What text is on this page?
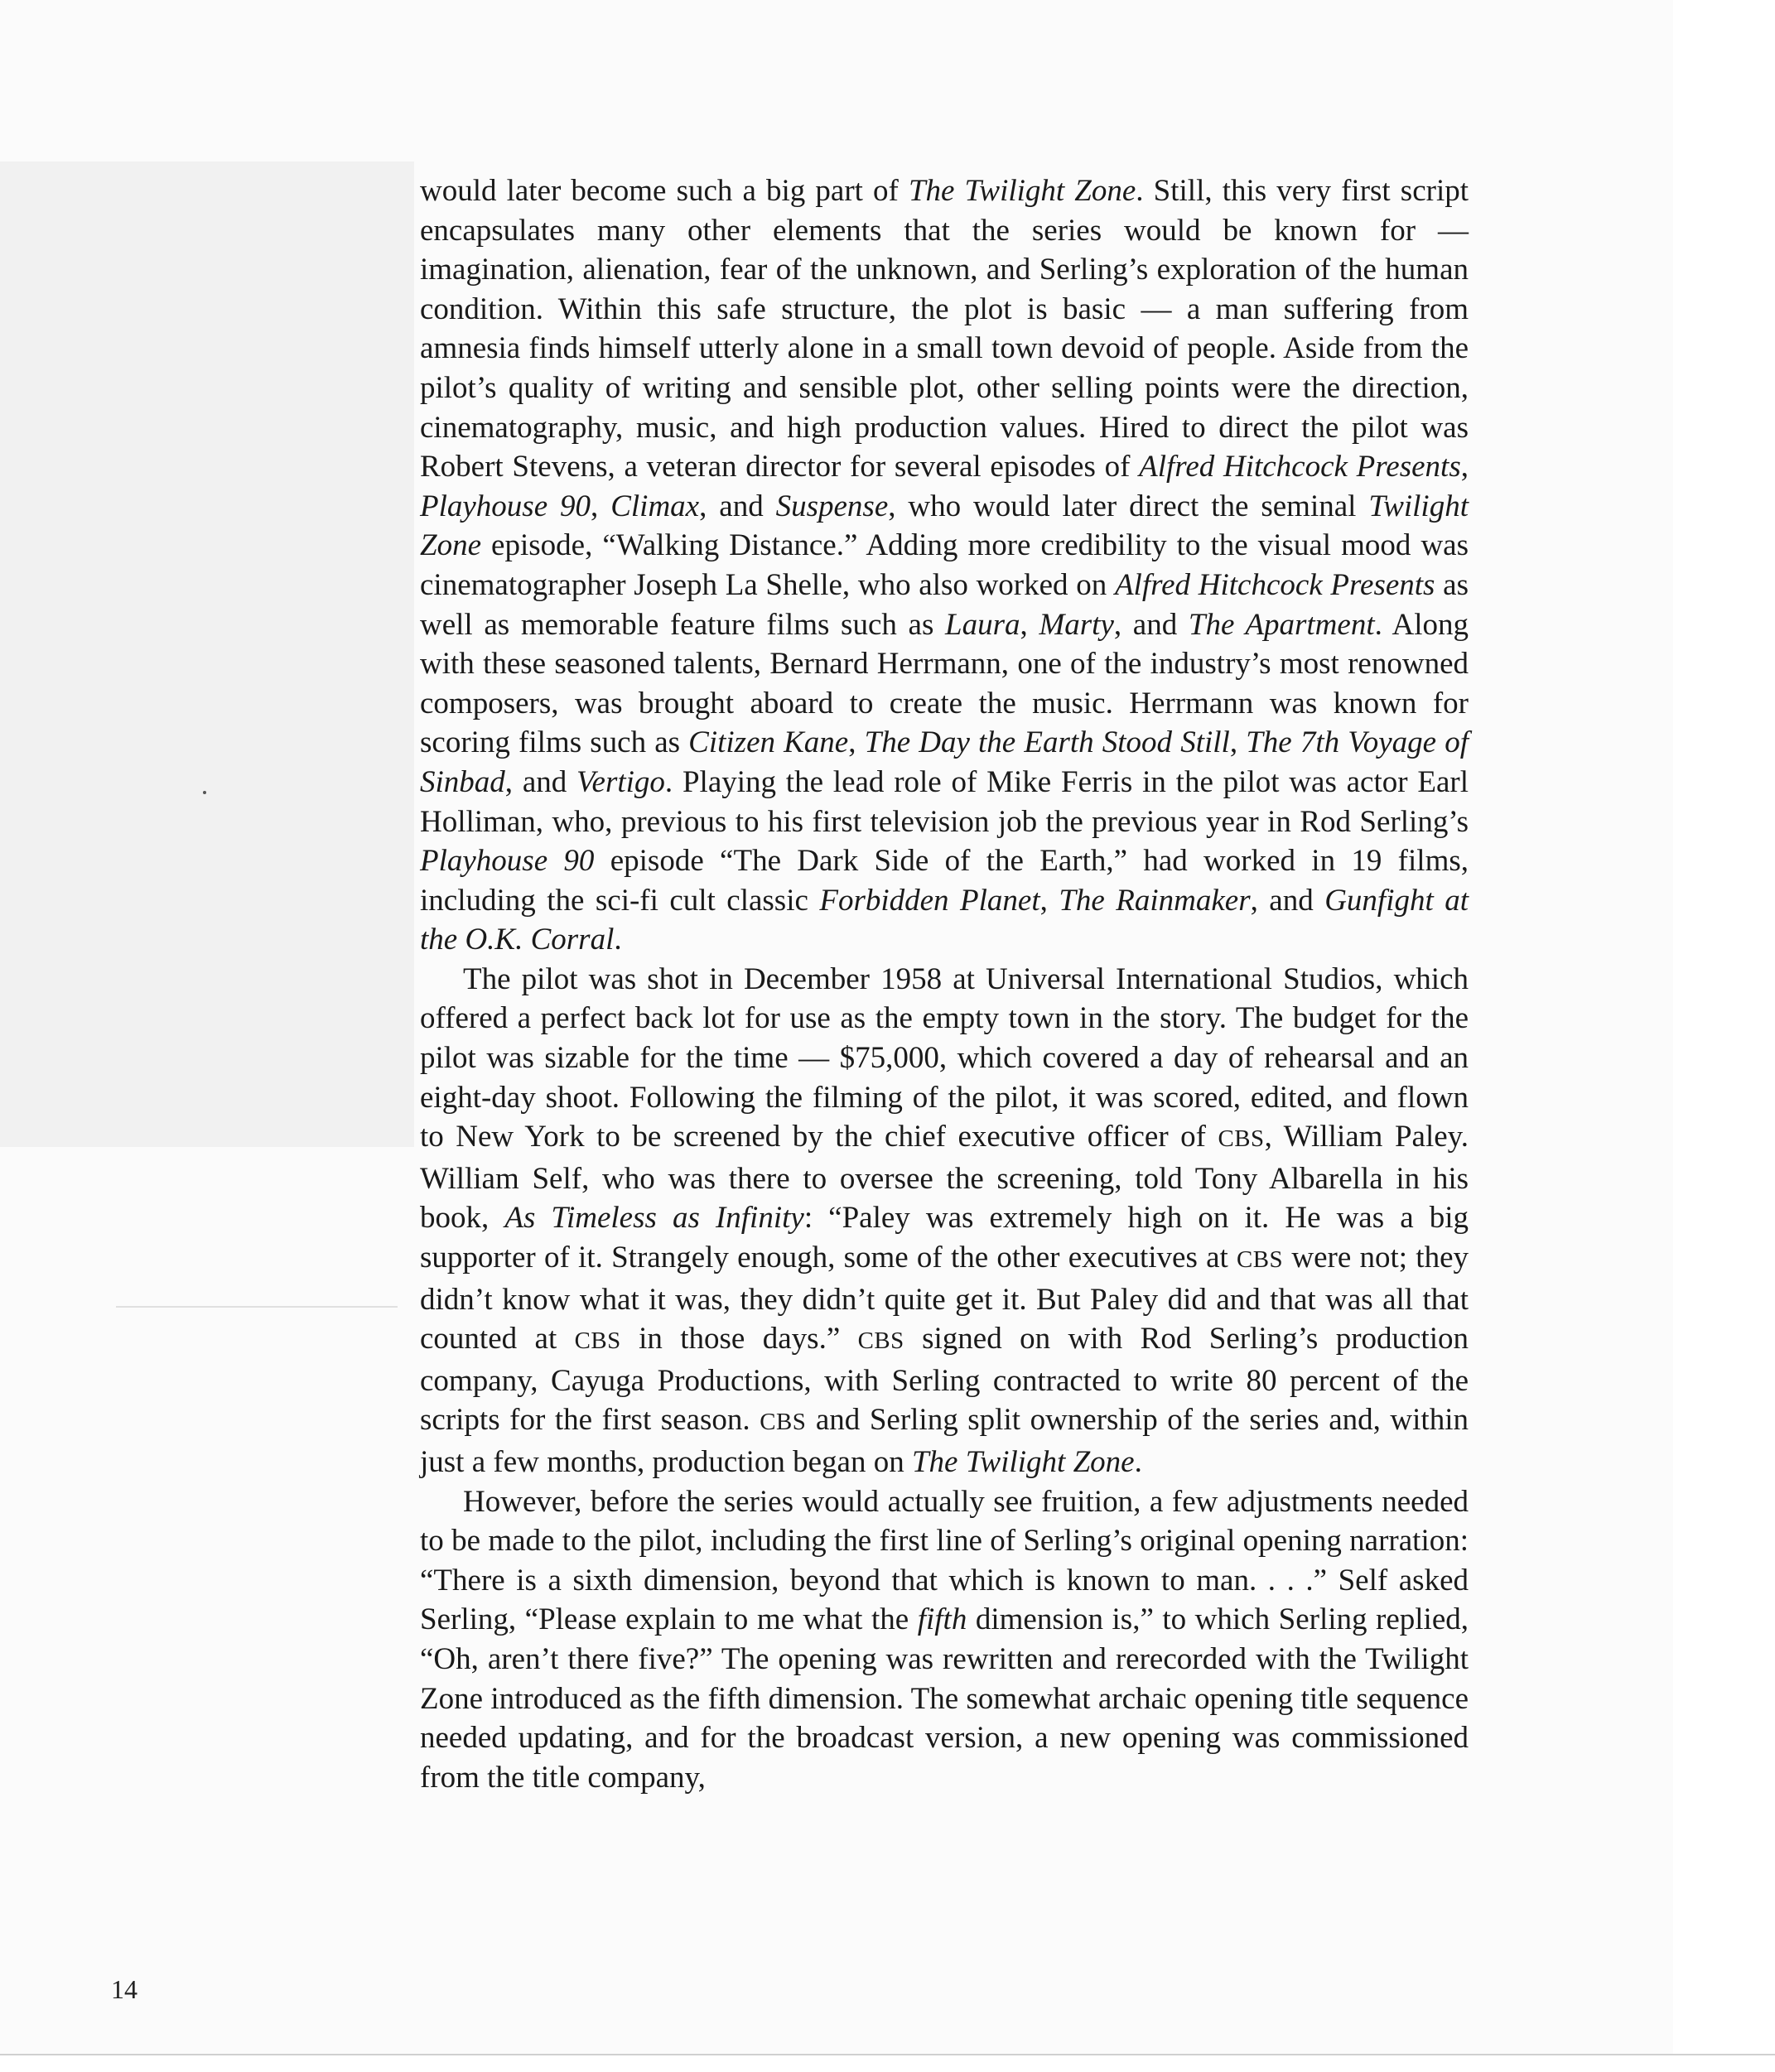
would later become such a big part of The Twilight Zone. Still, this very first script encapsulates many other elements that the series would be known for — imagination, alienation, fear of the unknown, and Serling’s exploration of the human condition. Within this safe structure, the plot is basic — a man suffering from amnesia finds himself utterly alone in a small town devoid of people. Aside from the pilot’s quality of writing and sensible plot, other selling points were the direction, cinematography, music, and high production values. Hired to direct the pilot was Robert Stevens, a veteran director for several episodes of Alfred Hitchcock Presents, Playhouse 90, Climax, and Suspense, who would later direct the seminal Twilight Zone episode, “Walking Distance.” Adding more credibility to the visual mood was cinematographer Joseph La Shelle, who also worked on Alfred Hitchcock Presents as well as memorable feature films such as Laura, Marty, and The Apartment. Along with these seasoned talents, Bernard Herrmann, one of the industry’s most renowned composers, was brought aboard to create the music. Herrmann was known for scoring films such as Citizen Kane, The Day the Earth Stood Still, The 7th Voyage of Sinbad, and Vertigo. Playing the lead role of Mike Ferris in the pilot was actor Earl Holliman, who, previous to his first television job the previous year in Rod Serling’s Playhouse 90 episode “The Dark Side of the Earth,” had worked in 19 films, including the sci-fi cult classic Forbidden Planet, The Rainmaker, and Gunfight at the O.K. Corral.

The pilot was shot in December 1958 at Universal International Studios, which offered a perfect back lot for use as the empty town in the story. The budget for the pilot was sizable for the time — $75,000, which covered a day of rehearsal and an eight-day shoot. Following the filming of the pilot, it was scored, edited, and flown to New York to be screened by the chief executive officer of CBS, William Paley. William Self, who was there to oversee the screening, told Tony Albarella in his book, As Timeless as Infinity: “Paley was extremely high on it. He was a big supporter of it. Strangely enough, some of the other executives at CBS were not; they didn’t know what it was, they didn’t quite get it. But Paley did and that was all that counted at CBS in those days.” CBS signed on with Rod Serling’s production company, Cayuga Productions, with Serling contracted to write 80 percent of the scripts for the first season. CBS and Serling split ownership of the series and, within just a few months, production began on The Twilight Zone.

However, before the series would actually see fruition, a few adjustments needed to be made to the pilot, including the first line of Serling’s original opening narration: “There is a sixth dimension, beyond that which is known to man. . . .” Self asked Serling, “Please explain to me what the fifth dimension is,” to which Serling replied, “Oh, aren’t there five?” The opening was rewritten and rerecorded with the Twilight Zone introduced as the fifth dimension. The somewhat archaic opening title sequence needed updating, and for the broadcast version, a new opening was commissioned from the title company,

14
